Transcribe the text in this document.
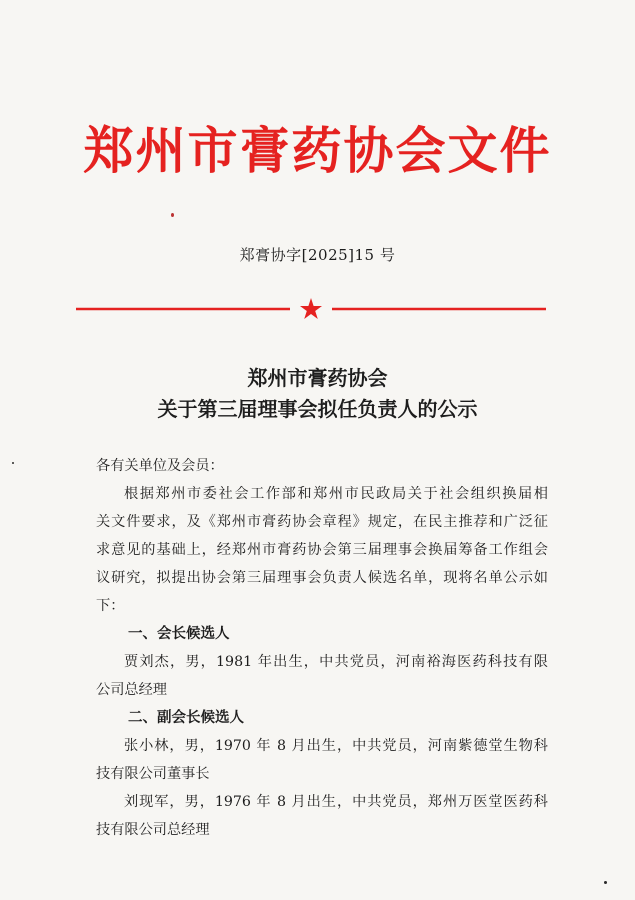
郑州市膏药协会文件
郑膏协字[2025]15 号
郑州市膏药协会
关于第三届理事会拟任负责人的公示
各有关单位及会员：
根据郑州市委社会工作部和郑州市民政局关于社会组织换届相
关文件要求，及《郑州市膏药协会章程》规定，在民主推荐和广泛征
求意见的基础上，经郑州市膏药协会第三届理事会换届筹备工作组会
议研究，拟提出协会第三届理事会负责人候选名单，现将名单公示如
下：
一、会长候选人
贾刘杰，男，1981 年出生，中共党员，河南裕海医药科技有限
公司总经理
二、副会长候选人
张小林，男，1970 年 8 月出生，中共党员，河南紫德堂生物科
技有限公司董事长
刘现军，男，1976 年 8 月出生，中共党员，郑州万医堂医药科
技有限公司总经理
